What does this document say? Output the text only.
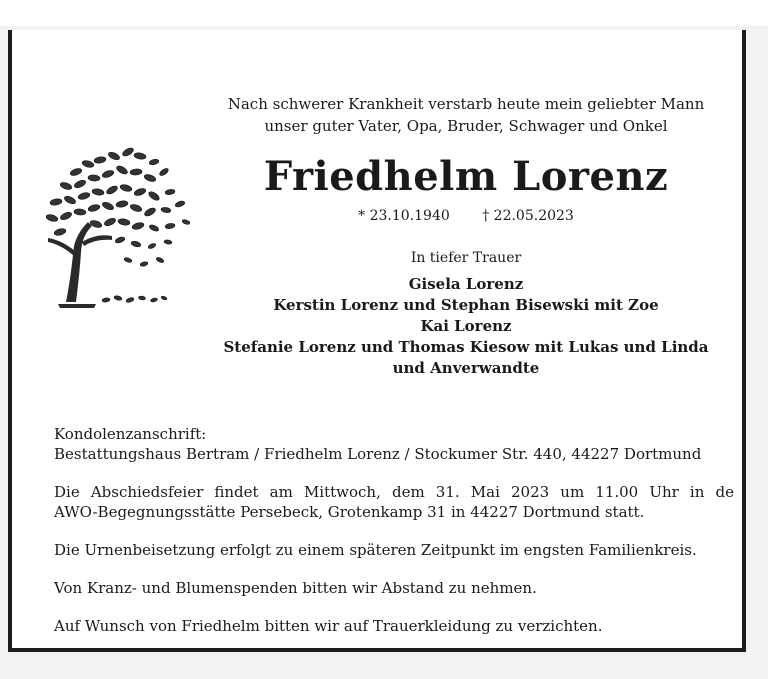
Nach schwerer Krankheit verstarb heute mein geliebter Mann
unser guter Vater, Opa, Bruder, Schwager und Onkel
Friedhelm Lorenz
* 23.10.1940 † 22.05.2023
In tiefer Trauer
Gisela Lorenz
Kerstin Lorenz und Stephan Bisewski mit Zoe
Kai Lorenz
Stefanie Lorenz und Thomas Kiesow mit Lukas und Linda
und Anverwandte

Kondolenzanschrift:

Bestattungshaus Bertram / Friedhelm Lorenz / Stockumer Str. 440, 44227 Dortmund

Die Abschiedsfeier findet am Mittwoch, dem 31. Mai 2023 um 11.00 Uhr in de

AWO-Begegnungsstätte Persebeck, Grotenkamp 31 in 44227 Dortmund statt.

Die Urnenbeisetzung erfolgt zu einem späteren Zeitpunkt im engsten Familienkreis.

Von Kranz- und Blumenspenden bitten wir Abstand zu nehmen.

Auf Wunsch von Friedhelm bitten wir auf Trauerkleidung zu verzichten.
